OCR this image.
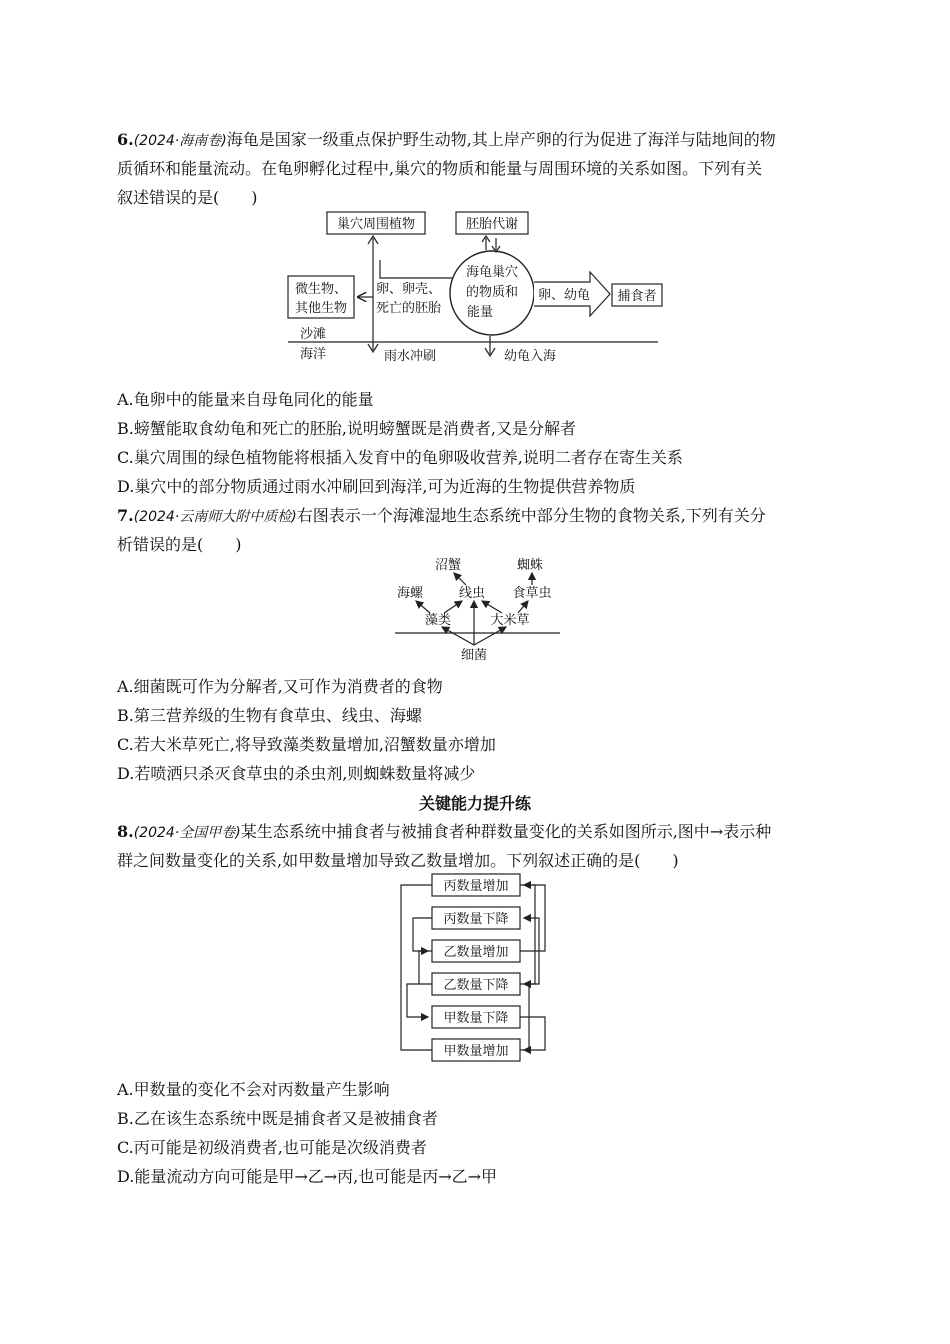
6.(2024·海南卷)海龟是国家一级重点保护野生动物,其上岸产卵的行为促进了海洋与陆地间的物
质循环和能量流动。在龟卵孵化过程中,巢穴的物质和能量与周围环境的关系如图。下列有关
叙述错误的是(　　)
巢穴周围植物	胚胎代谢
微生物、
其他生物
卵、卵壳、
死亡的胚胎
海龟巢穴
的物质和
能量
卵、幼龟 捕食者
沙滩
海洋	雨水冲刷	幼龟入海
A.龟卵中的能量来自母龟同化的能量
B.螃蟹能取食幼龟和死亡的胚胎,说明螃蟹既是消费者,又是分解者
C.巢穴周围的绿色植物能将根插入发育中的龟卵吸收营养,说明二者存在寄生关系
D.巢穴中的部分物质通过雨水冲刷回到海洋,可为近海的生物提供营养物质
7.(2024·云南师大附中质检)右图表示一个海滩湿地生态系统中部分生物的食物关系,下列有关分
析错误的是(　　)
沼蟹	蜘蛛
海螺	线虫 食草虫
藻类	大米草
细菌
A.细菌既可作为分解者,又可作为消费者的食物
B.第三营养级的生物有食草虫、线虫、海螺
C.若大米草死亡,将导致藻类数量增加,沼蟹数量亦增加
D.若喷洒只杀灭食草虫的杀虫剂,则蜘蛛数量将减少
关键能力提升练
8.(2024·全国甲卷)某生态系统中捕食者与被捕食者种群数量变化的关系如图所示,图中→表示种
群之间数量变化的关系,如甲数量增加导致乙数量增加。下列叙述正确的是(　　)
丙数量增加
丙数量下降
乙数量增加
乙数量下降
甲数量下降
甲数量增加
A.甲数量的变化不会对丙数量产生影响
B.乙在该生态系统中既是捕食者又是被捕食者
C.丙可能是初级消费者,也可能是次级消费者
D.能量流动方向可能是甲→乙→丙,也可能是丙→乙→甲
